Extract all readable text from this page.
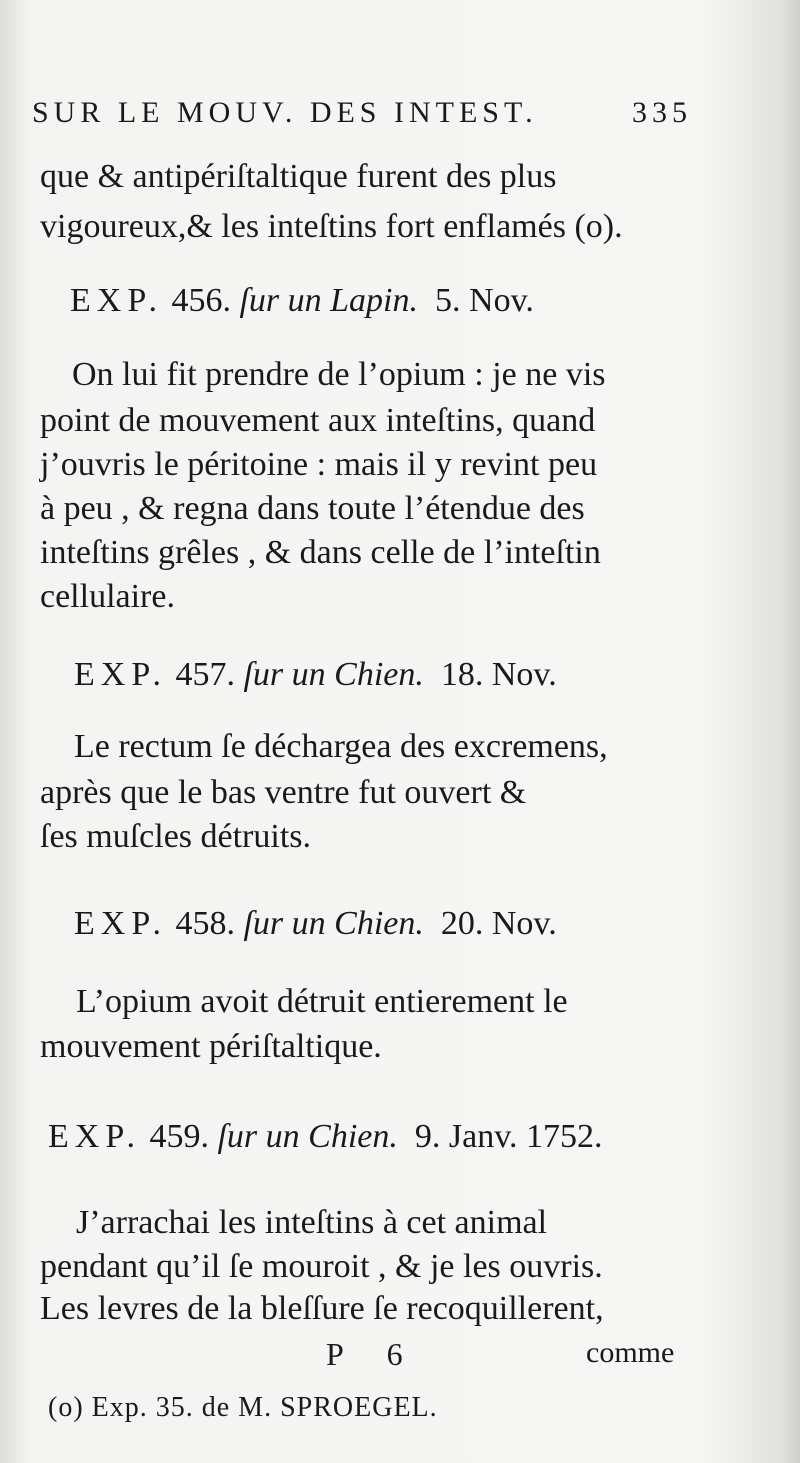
SUR LE MOUV. DES INTEST.	335
que & antipériſtaltique furent des plus
vigoureux,& les inteſtins fort enflamés (o).
EXP. 456. ſur un Lapin. 5. Nov.
On lui fit prendre de l’opium : je ne vis
point de mouvement aux inteſtins, quand
j’ouvris le péritoine : mais il y revint peu
à peu , & regna dans toute l’étendue des
inteſtins grêles , & dans celle de l’inteſtin
cellulaire.
EXP. 457. ſur un Chien. 18. Nov.
Le rectum ſe déchargea des excremens,
après que le bas ventre fut ouvert &
ſes muſcles détruits.
EXP. 458. ſur un Chien. 20. Nov.
L’opium avoit détruit entierement le
mouvement périſtaltique.
EXP. 459. ſur un Chien. 9. Janv. 1752.
J’arrachai les inteſtins à cet animal
pendant qu’il ſe mouroit , & je les ouvris.
Les levres de la bleſſure ſe recoquillerent,
P 6	comme
(o) Exp. 35. de M. SPROEGEL.
